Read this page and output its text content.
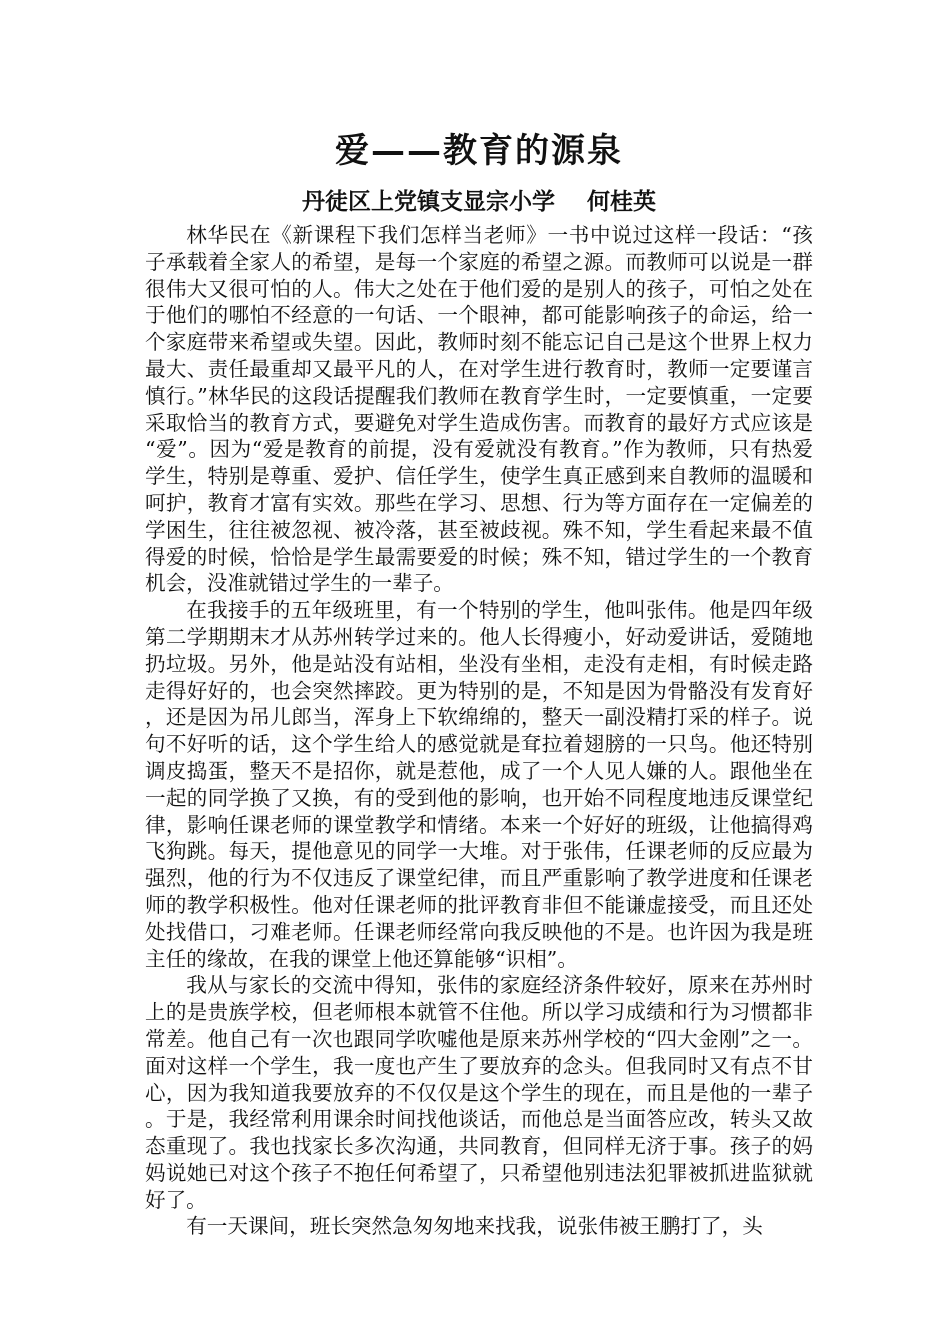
爱——教育的源泉

丹徒区上党镇支显宗小学    何桂英

林华民在《新课程下我们怎样当老师》一书中说过这样一段话：“孩子承载着全家人的希望，是每一个家庭的希望之源。而教师可以说是一群很伟大又很可怕的人。伟大之处在于他们爱的是别人的孩子，可怕之处在于他们的哪怕不经意的一句话、一个眼神，都可能影响孩子的命运，给一个家庭带来希望或失望。因此，教师时刻不能忘记自己是这个世界上权力最大、责任最重却又最平凡的人，在对学生进行教育时，教师一定要谨言慎行。”林华民的这段话提醒我们教师在教育学生时，一定要慎重，一定要采取恰当的教育方式，要避免对学生造成伤害。而教育的最好方式应该是“爱”。因为“爱是教育的前提，没有爱就没有教育。”作为教师，只有热爱学生，特别是尊重、爱护、信任学生，使学生真正感到来自教师的温暖和呵护，教育才富有实效。那些在学习、思想、行为等方面存在一定偏差的学困生，往往被忽视、被冷落，甚至被歧视。殊不知，学生看起来最不值得爱的时候，恰恰是学生最需要爱的时候；殊不知，错过学生的一个教育机会，没准就错过学生的一辈子。

在我接手的五年级班里，有一个特别的学生，他叫张伟。他是四年级第二学期期末才从苏州转学过来的。他人长得瘦小，好动爱讲话，爱随地扔垃圾。另外，他是站没有站相，坐没有坐相，走没有走相，有时候走路走得好好的，也会突然摔跤。更为特别的是，不知是因为骨骼没有发育好，还是因为吊儿郎当，浑身上下软绵绵的，整天一副没精打采的样子。说句不好听的话，这个学生给人的感觉就是耷拉着翅膀的一只鸟。他还特别调皮捣蛋，整天不是招你，就是惹他，成了一个人见人嫌的人。跟他坐在一起的同学换了又换，有的受到他的影响，也开始不同程度地违反课堂纪律，影响任课老师的课堂教学和情绪。本来一个好好的班级，让他搞得鸡飞狗跳。每天，提他意见的同学一大堆。对于张伟，任课老师的反应最为强烈，他的行为不仅违反了课堂纪律，而且严重影响了教学进度和任课老师的教学积极性。他对任课老师的批评教育非但不能谦虚接受，而且还处处找借口，刁难老师。任课老师经常向我反映他的不是。也许因为我是班主任的缘故，在我的课堂上他还算能够“识相”。

我从与家长的交流中得知，张伟的家庭经济条件较好，原来在苏州时上的是贵族学校，但老师根本就管不住他。所以学习成绩和行为习惯都非常差。他自己有一次也跟同学吹嘘他是原来苏州学校的“四大金刚”之一。面对这样一个学生，我一度也产生了要放弃的念头。但我同时又有点不甘心，因为我知道我要放弃的不仅仅是这个学生的现在，而且是他的一辈子。于是，我经常利用课余时间找他谈话，而他总是当面答应改，转头又故态重现了。我也找家长多次沟通，共同教育，但同样无济于事。孩子的妈妈说她已对这个孩子不抱任何希望了，只希望他别违法犯罪被抓进监狱就好了。

有一天课间，班长突然急匆匆地来找我，说张伟被王鹏打了，头
